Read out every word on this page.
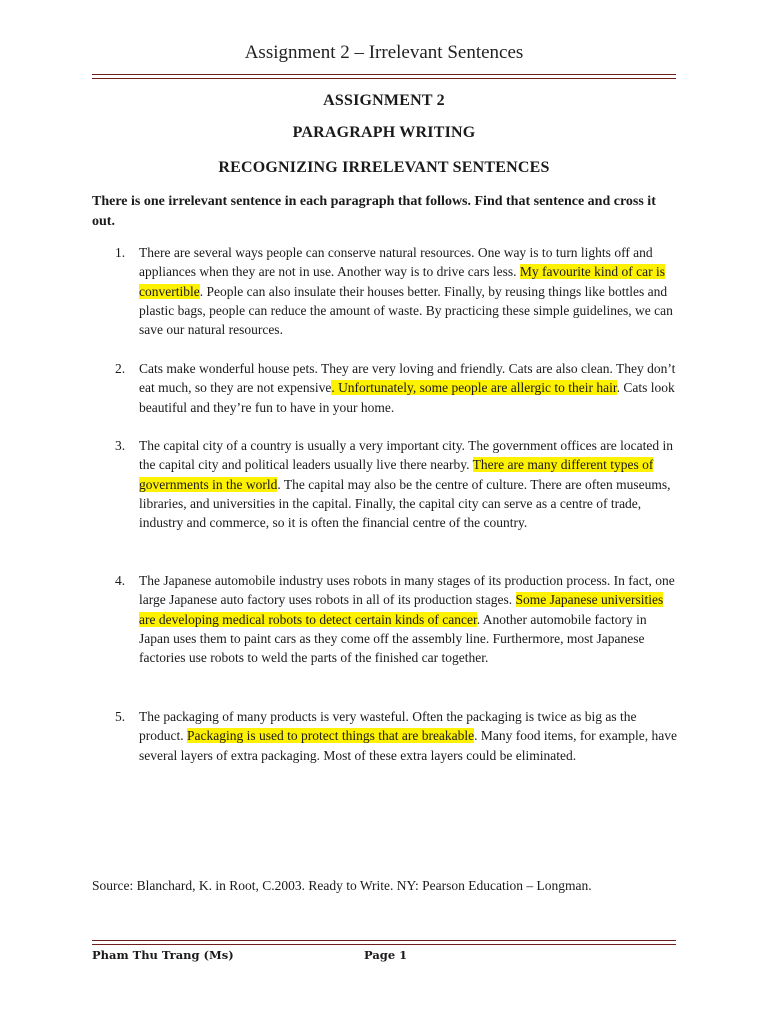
Assignment 2 – Irrelevant Sentences
ASSIGNMENT 2
PARAGRAPH WRITING
RECOGNIZING IRRELEVANT SENTENCES
There is one irrelevant sentence in each paragraph that follows. Find that sentence and cross it out.
1. There are several ways people can conserve natural resources. One way is to turn lights off and appliances when they are not in use. Another way is to drive cars less. My favourite kind of car is convertible. People can also insulate their houses better. Finally, by reusing things like bottles and plastic bags, people can reduce the amount of waste. By practicing these simple guidelines, we can save our natural resources.
2. Cats make wonderful house pets. They are very loving and friendly. Cats are also clean. They don’t eat much, so they are not expensive. Unfortunately, some people are allergic to their hair. Cats look beautiful and they’re fun to have in your home.
3. The capital city of a country is usually a very important city. The government offices are located in the capital city and political leaders usually live there nearby. There are many different types of governments in the world. The capital may also be the centre of culture. There are often museums, libraries, and universities in the capital. Finally, the capital city can serve as a centre of trade, industry and commerce, so it is often the financial centre of the country.
4. The Japanese automobile industry uses robots in many stages of its production process. In fact, one large Japanese auto factory uses robots in all of its production stages. Some Japanese universities are developing medical robots to detect certain kinds of cancer. Another automobile factory in Japan uses them to paint cars as they come off the assembly line. Furthermore, most Japanese factories use robots to weld the parts of the finished car together.
5. The packaging of many products is very wasteful. Often the packaging is twice as big as the product. Packaging is used to protect things that are breakable. Many food items, for example, have several layers of extra packaging. Most of these extra layers could be eliminated.
Source: Blanchard, K. in Root, C.2003. Ready to Write. NY: Pearson Education – Longman.
Pham Thu Trang (Ms)	Page 1
